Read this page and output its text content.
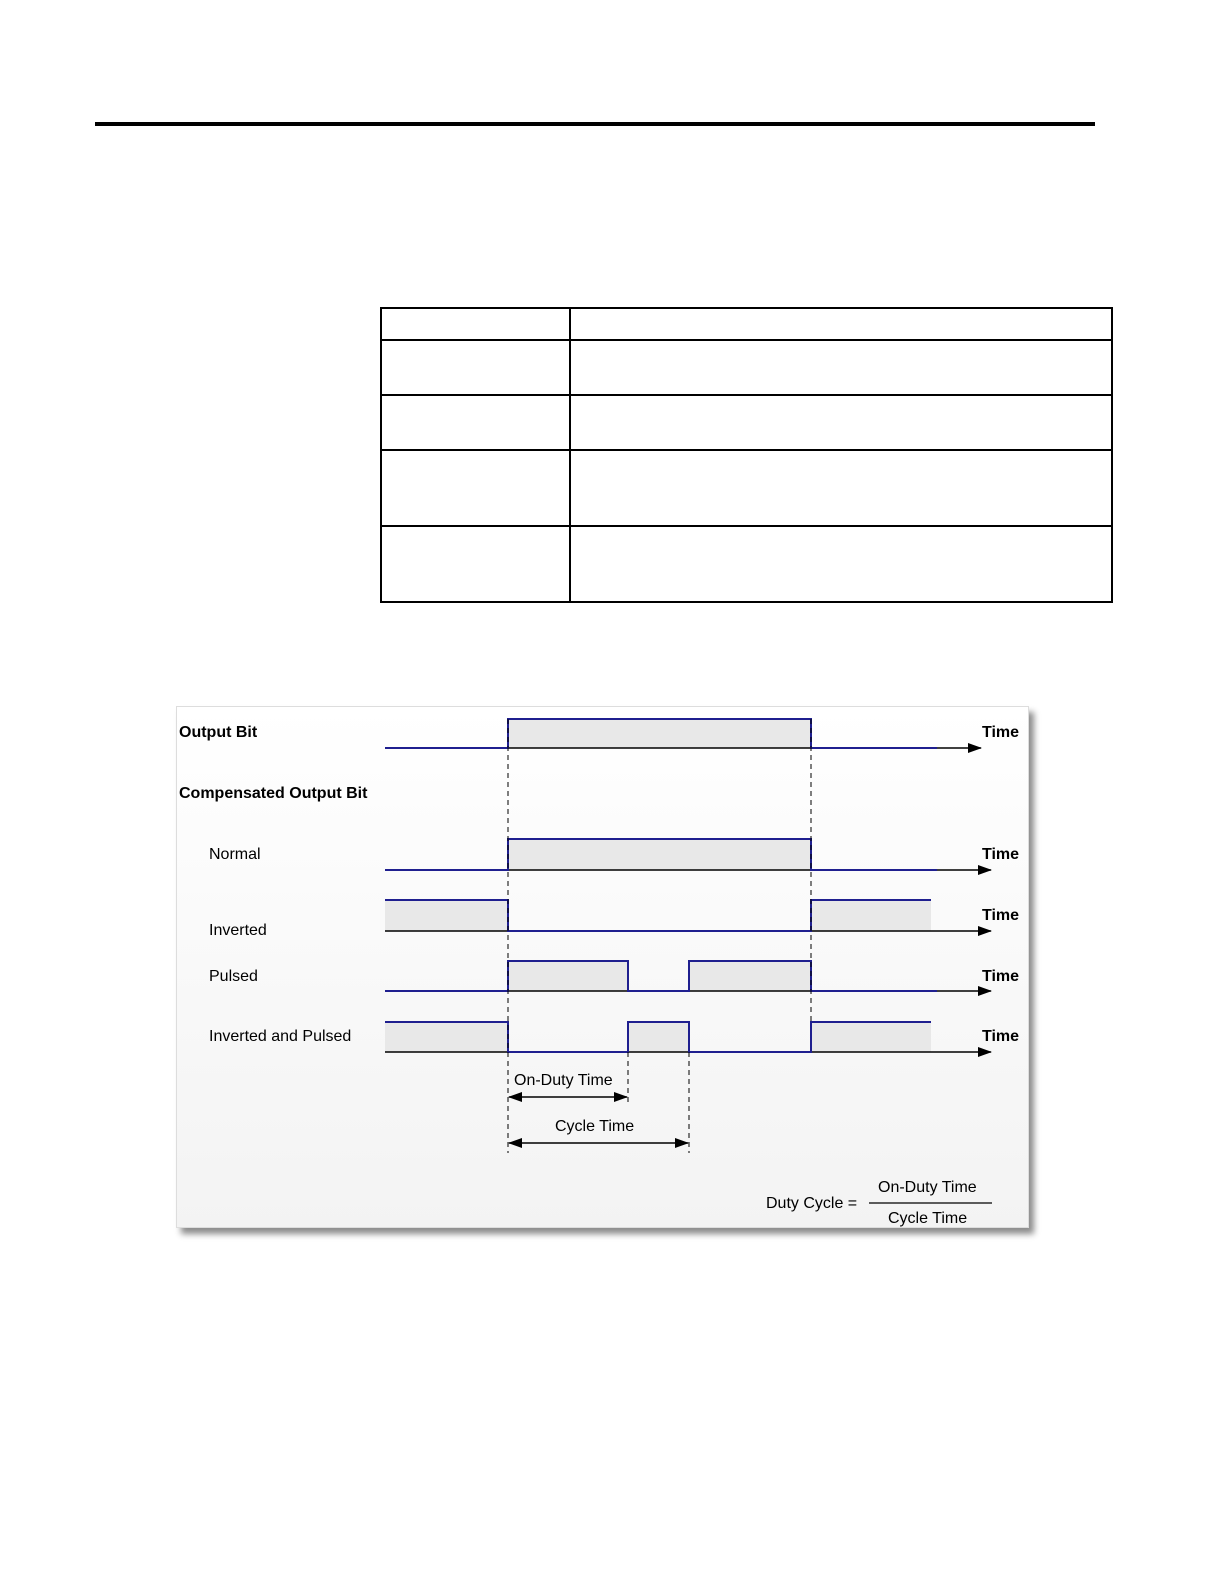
Output Bit	Time
Compensated Output Bit
Normal	Time
Inverted
Time
Pulsed	Time
Inverted and Pulsed	Time
On-Duty Time
Cycle Time
Duty Cycle =
On-Duty Time
Cycle Time
